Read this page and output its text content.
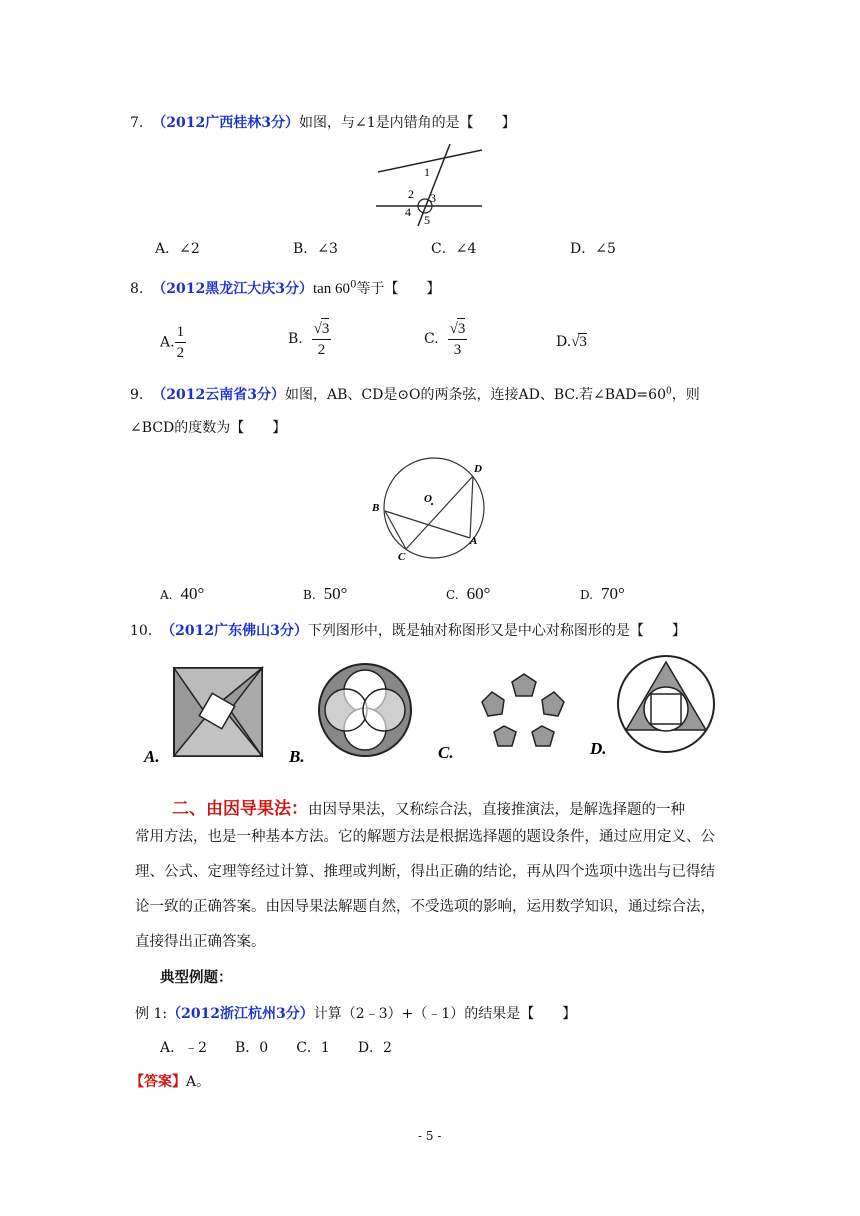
7. （2012广西桂林3分）如图，与∠1是内错角的是【　　】
1
2 3
4
5
A．∠2	B．∠3	C．∠4	D．∠5
8. （2012黑龙江大庆3分）tan $60^0$等于【　　】
A. $\frac{1}{2}$	B. $\frac{√3}{2}$	C. $\frac{√3}{3}$	D.√3
9. （2012云南省3分）如图，AB、CD是⊙O的两条弦，连接AD、BC.若$\angle BAD=60^0$，则
∠BCD的度数为【　　】
O
B
C
A
D
A. 40°	B. 50°	C. 60°	D. 70°
10. （2012广东佛山3分）下列图形中，既是轴对称图形又是中心对称图形的是【　　】
A.	B.	C.	D.
二、由因导果法：由因导果法，又称综合法，直接推演法，是解选择题的一种
常用方法，也是一种基本方法。它的解题方法是根据选择题的题设条件，通过应用定义、公
理、公式、定理等经过计算、推理或判断，得出正确的结论，再从四个选项中选出与已得结
论一致的正确答案。由因导果法解题自然，不受选项的影响，运用数学知识，通过综合法，
直接得出正确答案。
典型例题：
例 1:（2012浙江杭州3分）计算（2﹣3）+（﹣1）的结果是【　　】
A．﹣2　　B．0　　C．1　　D．2
【答案】A。
- 5 -
